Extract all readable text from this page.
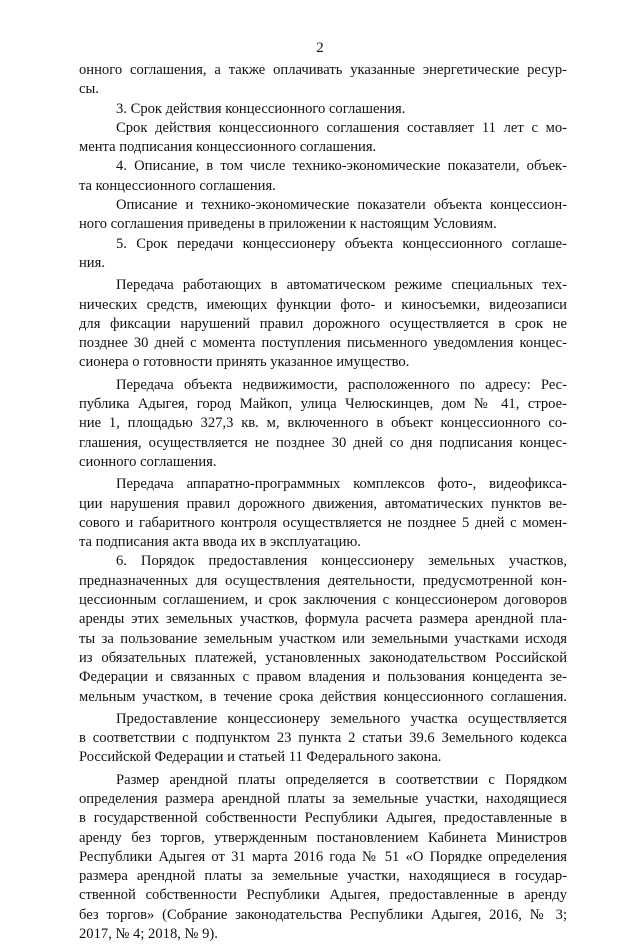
2
онного соглашения, а также оплачивать указанные энергетические ресур-
сы.
3. Срок действия концессионного соглашения.
Срок действия концессионного соглашения составляет 11 лет с мо-
мента подписания концессионного соглашения.
4. Описание, в том числе технико-экономические показатели, объек-
та концессионного соглашения.
Описание и технико-экономические показатели объекта концессион-
ного соглашения приведены в приложении к настоящим Условиям.
5. Срок передачи концессионеру объекта концессионного соглаше-
ния.
Передача работающих в автоматическом режиме специальных тех-
нических средств, имеющих функции фото- и киносъемки, видеозаписи
для фиксации нарушений правил дорожного осуществляется в срок не
позднее 30 дней с момента поступления письменного уведомления концес-
сионера о готовности принять указанное имущество.
Передача объекта недвижимости, расположенного по адресу: Рес-
публика Адыгея, город Майкоп, улица Челюскинцев, дом № 41, строе-
ние 1, площадью 327,3 кв. м, включенного в объект концессионного со-
глашения, осуществляется не позднее 30 дней со дня подписания концес-
сионного соглашения.
Передача аппаратно-программных комплексов фото-, видеофикса-
ции нарушения правил дорожного движения, автоматических пунктов ве-
сового и габаритного контроля осуществляется не позднее 5 дней с момен-
та подписания акта ввода их в эксплуатацию.
6. Порядок предоставления концессионеру земельных участков,
предназначенных для осуществления деятельности, предусмотренной кон-
цессионным соглашением, и срок заключения с концессионером договоров
аренды этих земельных участков, формула расчета размера арендной пла-
ты за пользование земельным участком или земельными участками исходя
из обязательных платежей, установленных законодательством Российской
Федерации и связанных с правом владения и пользования концедента зе-
мельным участком, в течение срока действия концессионного соглашения.
Предоставление концессионеру земельного участка осуществляется
в соответствии с подпунктом 23 пункта 2 статьи 39.6 Земельного кодекса
Российской Федерации и статьей 11 Федерального закона.
Размер арендной платы определяется в соответствии с Порядком
определения размера арендной платы за земельные участки, находящиеся
в государственной собственности Республики Адыгея, предоставленные в
аренду без торгов, утвержденным постановлением Кабинета Министров
Республики Адыгея от 31 марта 2016 года № 51 «О Порядке определения
размера арендной платы за земельные участки, находящиеся в государ-
ственной собственности Республики Адыгея, предоставленные в аренду
без торгов» (Собрание законодательства Республики Адыгея, 2016, № 3;
2017, № 4; 2018, № 9).
